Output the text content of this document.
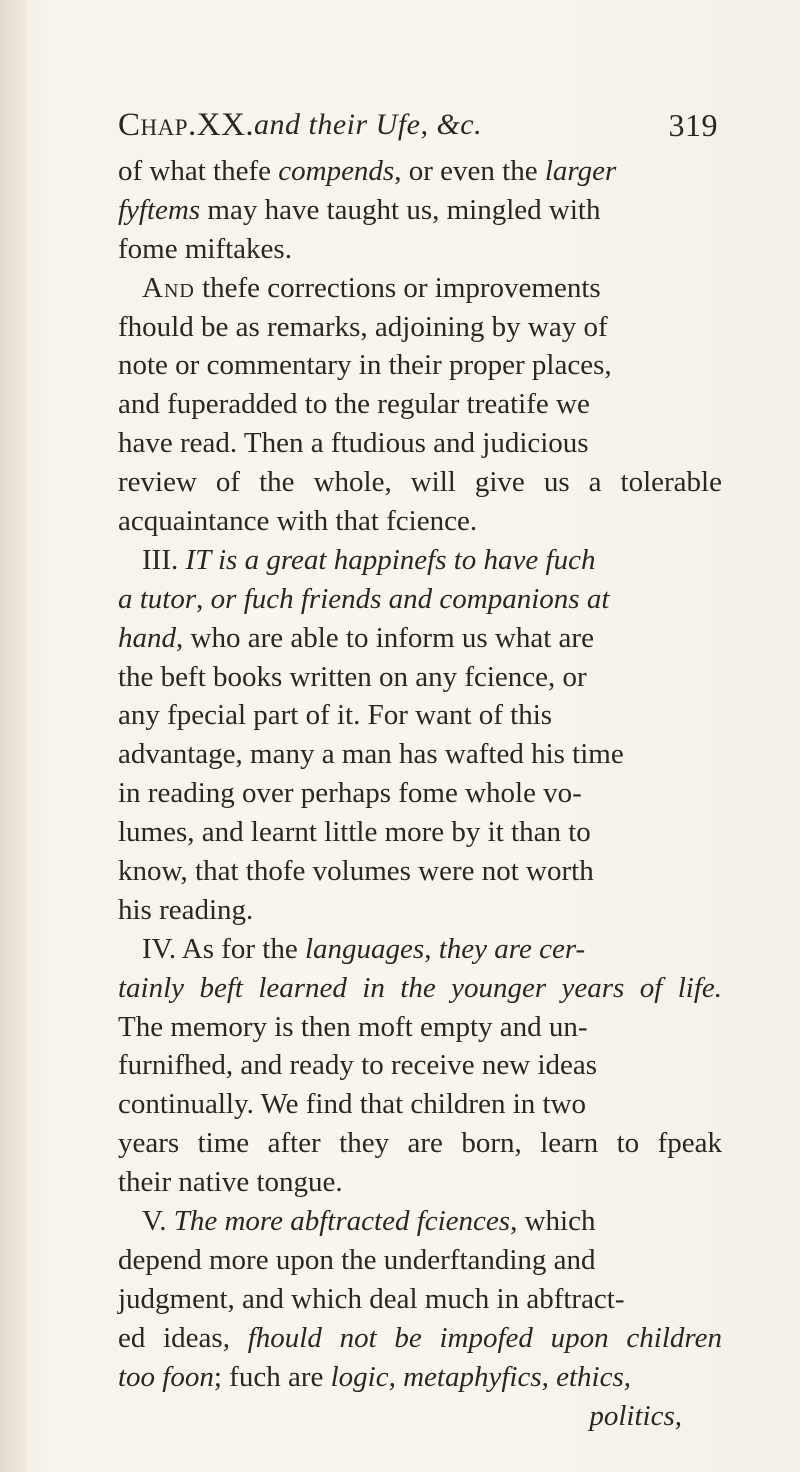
Chap.XX. and their Ufe, &c.	319
of what thefe compends, or even the larger
fyftems may have taught us, mingled with
fome miftakes.
And thefe corrections or improvements
fhould be as remarks, adjoining by way of
note or commentary in their proper places,
and fuperadded to the regular treatife we
have read. Then a ftudious and judicious
review of the whole, will give us a tolerable
acquaintance with that fcience.
III. IT is a great happinefs to have fuch
a tutor, or fuch friends and companions at
hand, who are able to inform us what are
the beft books written on any fcience, or
any fpecial part of it. For want of this
advantage, many a man has wafted his time
in reading over perhaps fome whole vo-
lumes, and learnt little more by it than to
know, that thofe volumes were not worth
his reading.
IV. As for the languages, they are cer-
tainly beft learned in the younger years of life.
The memory is then moft empty and un-
furnifhed, and ready to receive new ideas
continually. We find that children in two
years time after they are born, learn to fpeak
their native tongue.
V. The more abftracted fciences, which
depend more upon the underftanding and
judgment, and which deal much in abftract-
ed ideas, fhould not be impofed upon children
too foon; fuch are logic, metaphyfics, ethics,
politics,
